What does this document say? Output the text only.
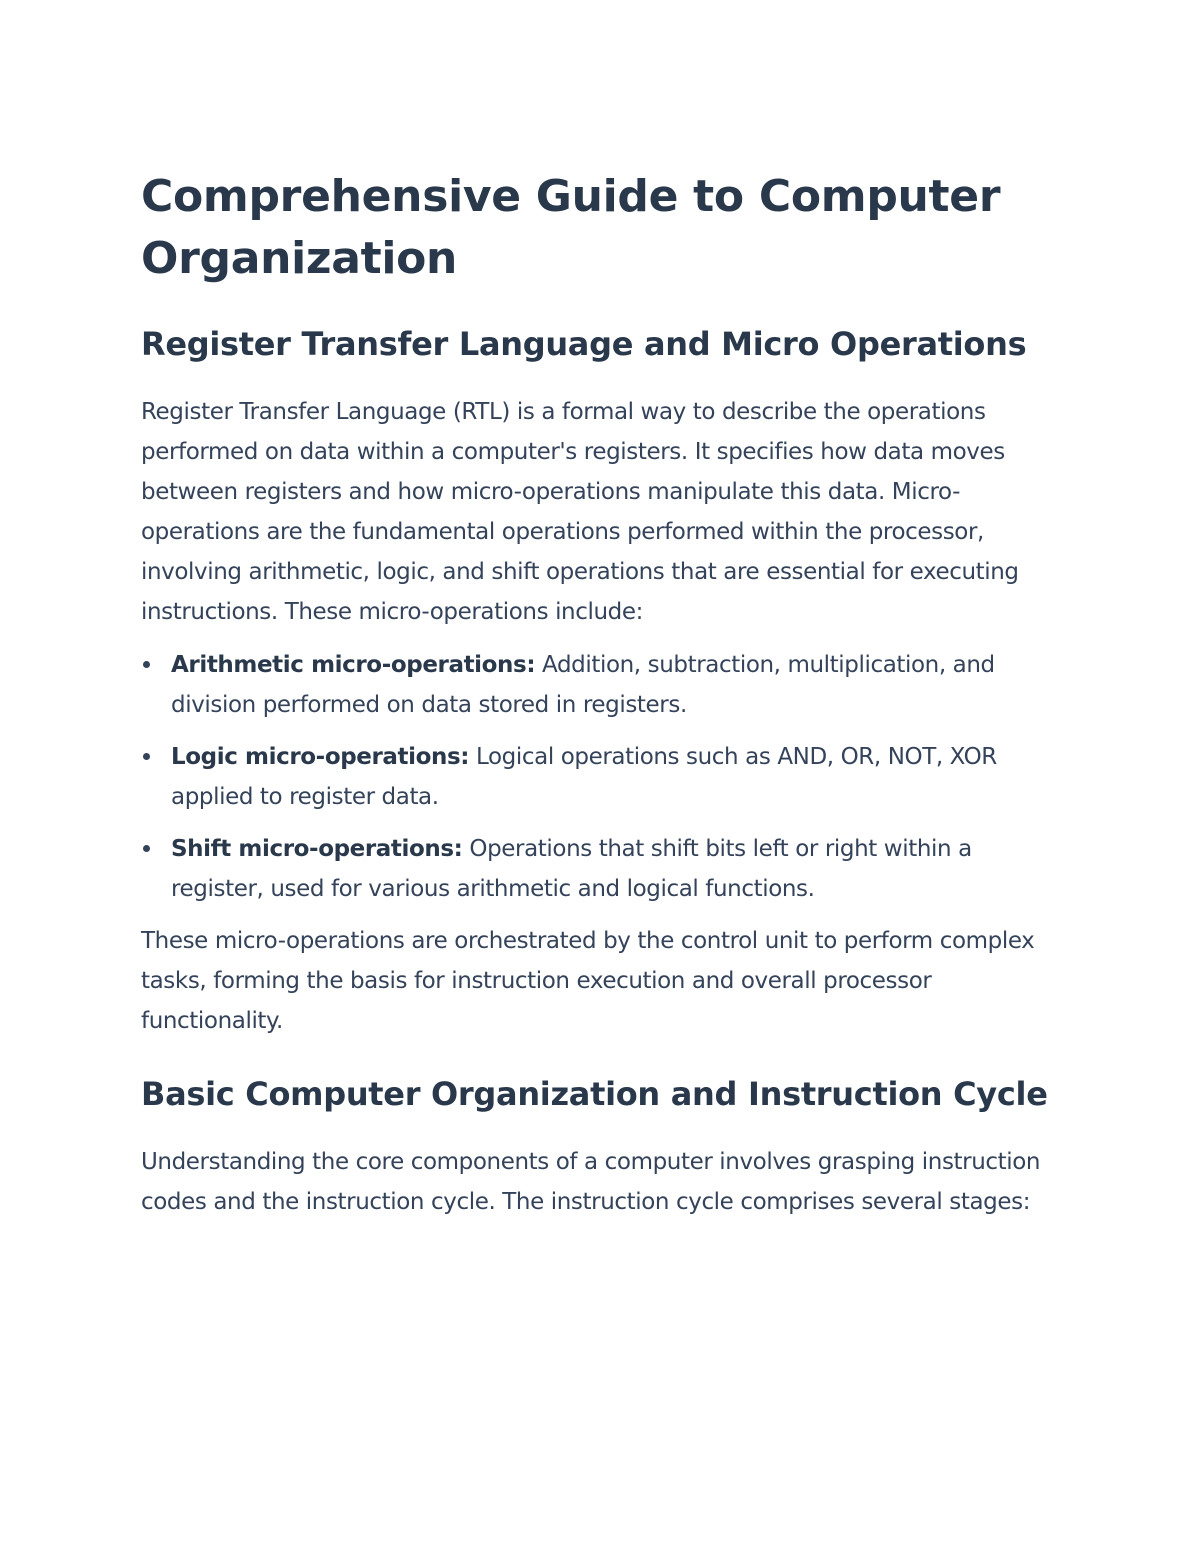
Comprehensive Guide to Computer Organization
Register Transfer Language and Micro Operations

Register Transfer Language (RTL) is a formal way to describe the operations performed on data within a computer's registers. It specifies how data moves between registers and how micro-operations manipulate this data. Micro-operations are the fundamental operations performed within the processor, involving arithmetic, logic, and shift operations that are essential for executing instructions. These micro-operations include:

Arithmetic micro-operations: Addition, subtraction, multiplication, and division performed on data stored in registers.
Logic micro-operations: Logical operations such as AND, OR, NOT, XOR applied to register data.
Shift micro-operations: Operations that shift bits left or right within a register, used for various arithmetic and logical functions.

These micro-operations are orchestrated by the control unit to perform complex tasks, forming the basis for instruction execution and overall processor functionality.

Basic Computer Organization and Instruction Cycle

Understanding the core components of a computer involves grasping instruction codes and the instruction cycle. The instruction cycle comprises several stages:
